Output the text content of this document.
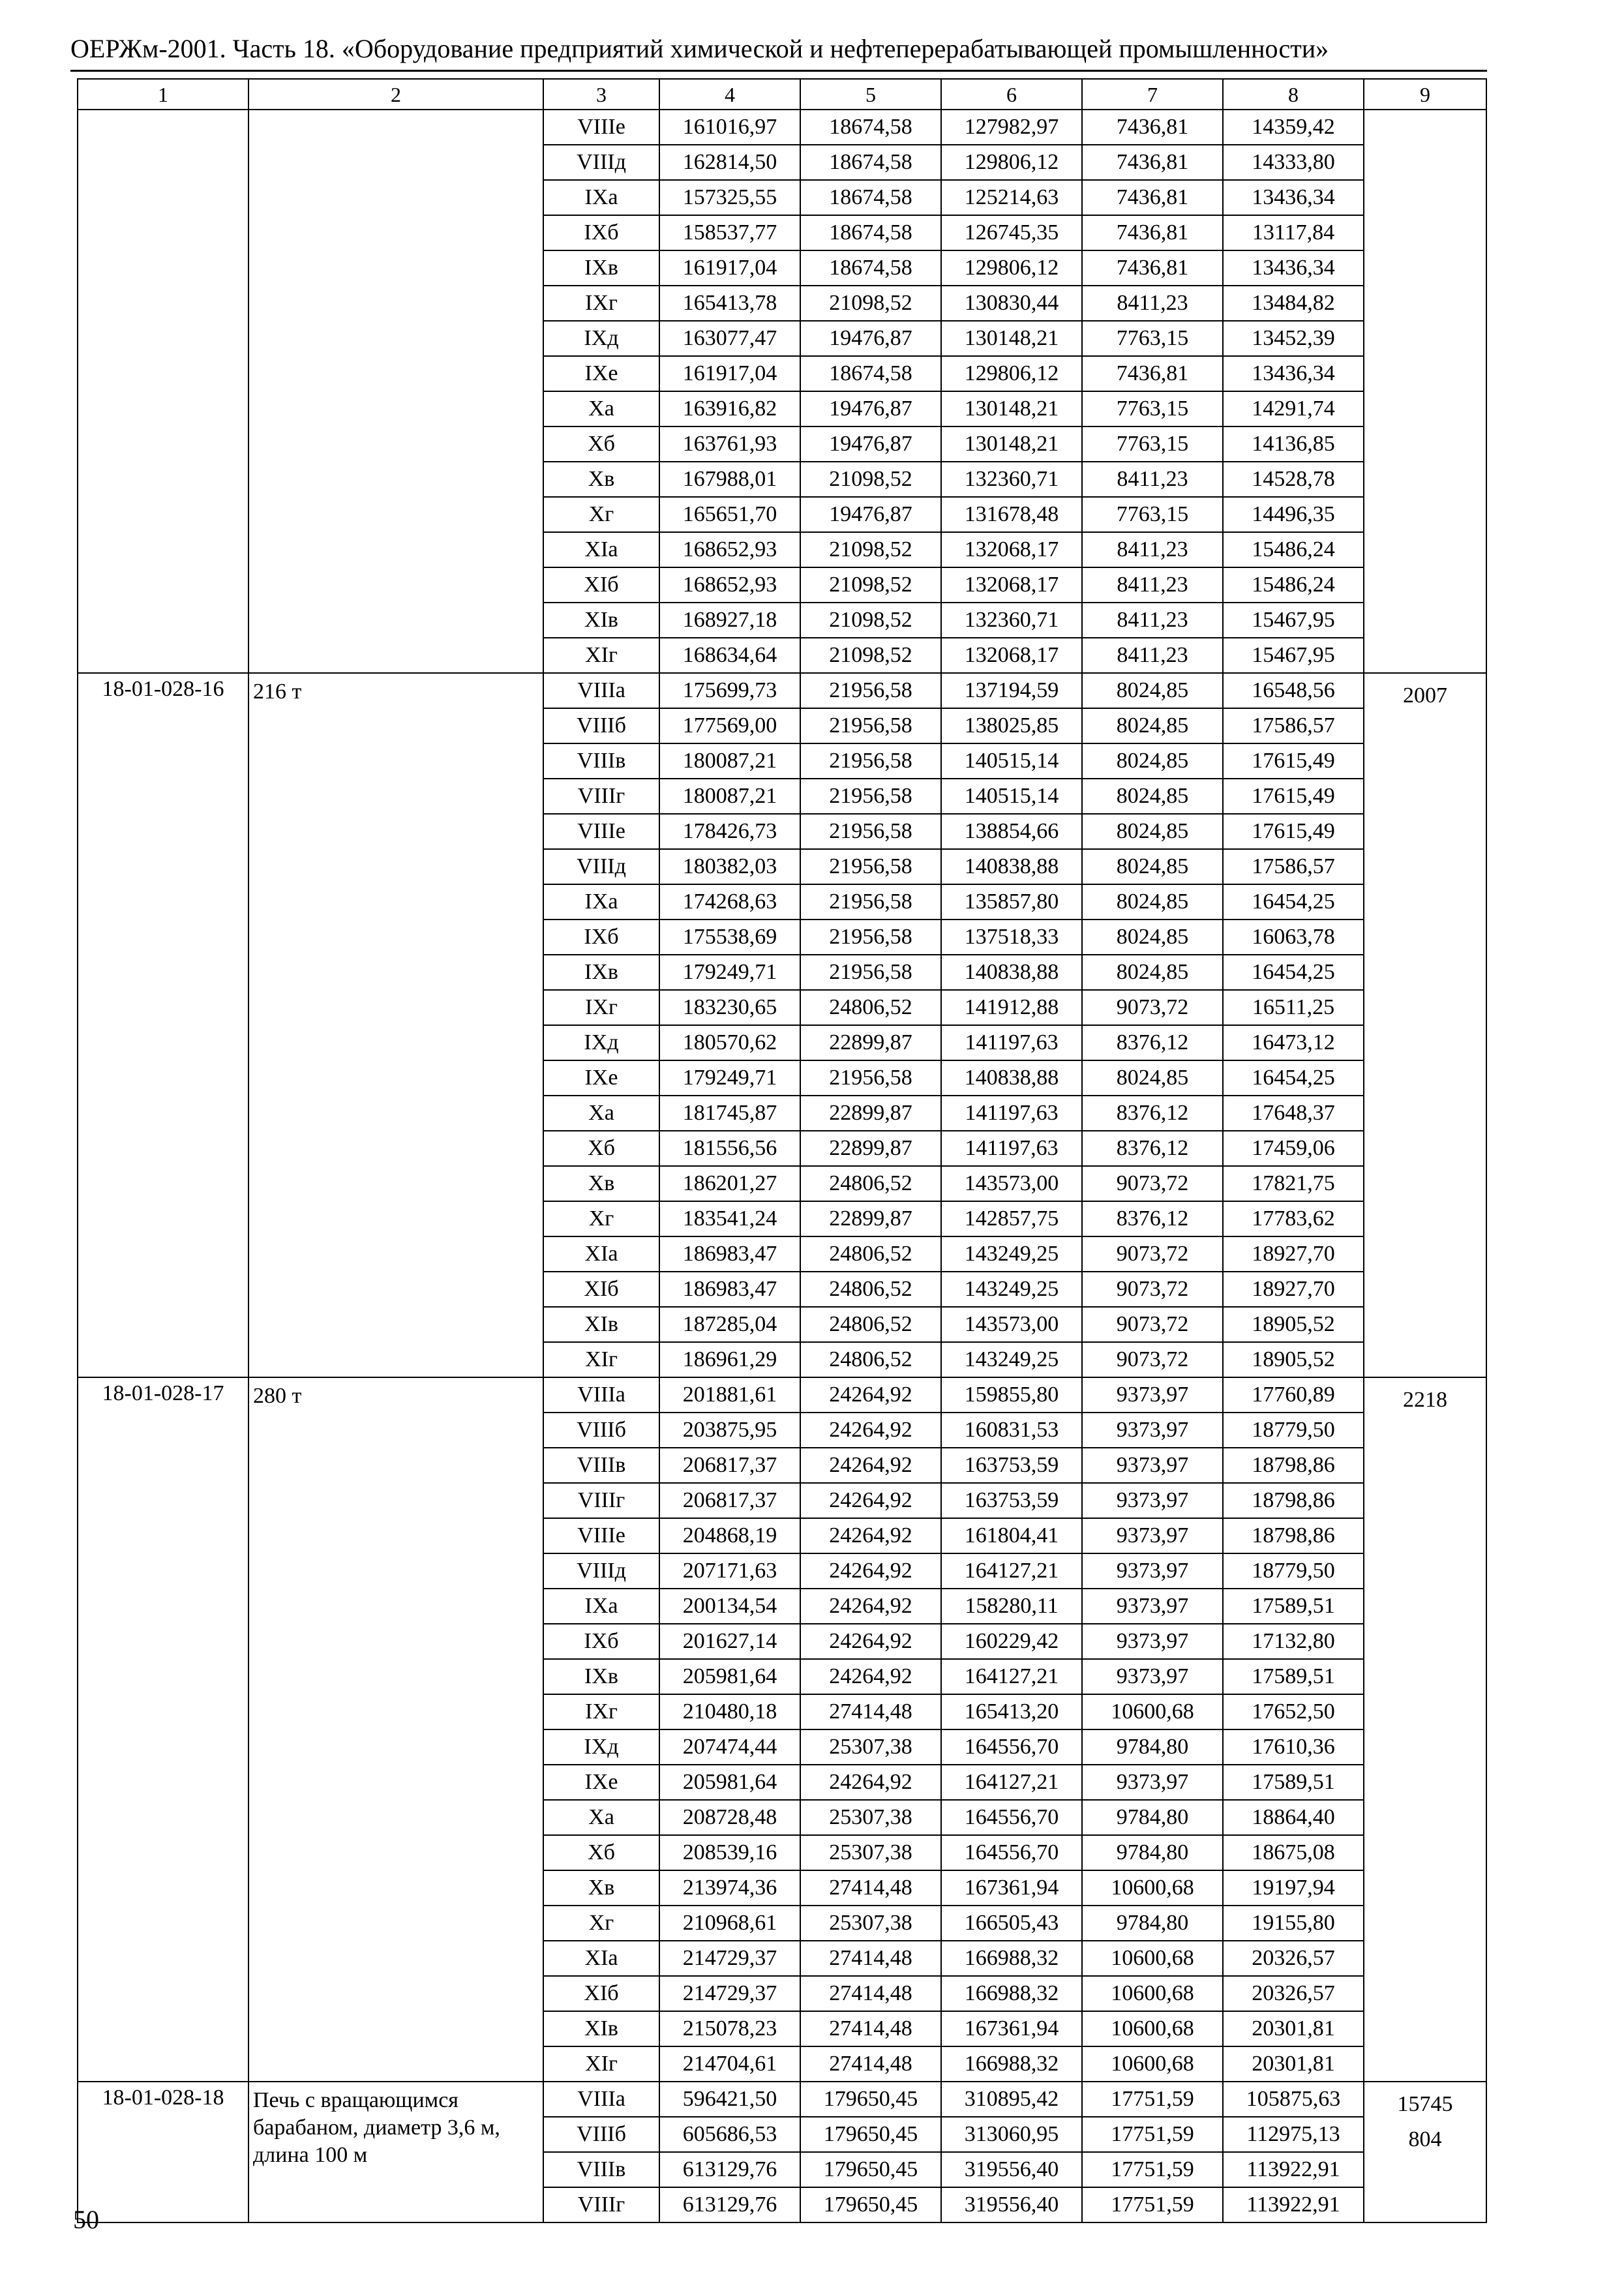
ОЕРЖм-2001. Часть 18. «Оборудование предприятий химической и нефтеперерабатывающей промышленности»
1	2	3	4	5	6	7	8	9
		VIIIе	161016,97	18674,58	127982,97	7436,81	14359,42	
		VIIIд	162814,50	18674,58	129806,12	7436,81	14333,80	
		IXа	157325,55	18674,58	125214,63	7436,81	13436,34	
		IXб	158537,77	18674,58	126745,35	7436,81	13117,84	
		IXв	161917,04	18674,58	129806,12	7436,81	13436,34	
		IXг	165413,78	21098,52	130830,44	8411,23	13484,82	
		IXд	163077,47	19476,87	130148,21	7763,15	13452,39	
		IXе	161917,04	18674,58	129806,12	7436,81	13436,34	
		Xа	163916,82	19476,87	130148,21	7763,15	14291,74	
		Xб	163761,93	19476,87	130148,21	7763,15	14136,85	
		Xв	167988,01	21098,52	132360,71	8411,23	14528,78	
		Xг	165651,70	19476,87	131678,48	7763,15	14496,35	
		XIа	168652,93	21098,52	132068,17	8411,23	15486,24	
		XIб	168652,93	21098,52	132068,17	8411,23	15486,24	
		XIв	168927,18	21098,52	132360,71	8411,23	15467,95	
		XIг	168634,64	21098,52	132068,17	8411,23	15467,95	
18-01-028-16	216 т	VIIIа	175699,73	21956,58	137194,59	8024,85	16548,56	2007

		VIIIб	177569,00	21956,58	138025,85	8024,85	17586,57	
		VIIIв	180087,21	21956,58	140515,14	8024,85	17615,49	
		VIIIг	180087,21	21956,58	140515,14	8024,85	17615,49	
		VIIIе	178426,73	21956,58	138854,66	8024,85	17615,49	
		VIIIд	180382,03	21956,58	140838,88	8024,85	17586,57	
		IXа	174268,63	21956,58	135857,80	8024,85	16454,25	
		IXб	175538,69	21956,58	137518,33	8024,85	16063,78	
		IXв	179249,71	21956,58	140838,88	8024,85	16454,25	
		IXг	183230,65	24806,52	141912,88	9073,72	16511,25	
		IXд	180570,62	22899,87	141197,63	8376,12	16473,12	
		IXе	179249,71	21956,58	140838,88	8024,85	16454,25	
		Xа	181745,87	22899,87	141197,63	8376,12	17648,37	
		Xб	181556,56	22899,87	141197,63	8376,12	17459,06	
		Xв	186201,27	24806,52	143573,00	9073,72	17821,75	
		Xг	183541,24	22899,87	142857,75	8376,12	17783,62	
		XIа	186983,47	24806,52	143249,25	9073,72	18927,70	
		XIб	186983,47	24806,52	143249,25	9073,72	18927,70	
		XIв	187285,04	24806,52	143573,00	9073,72	18905,52	
		XIг	186961,29	24806,52	143249,25	9073,72	18905,52	
18-01-028-17	280 т	VIIIа	201881,61	24264,92	159855,80	9373,97	17760,89	2218

		VIIIб	203875,95	24264,92	160831,53	9373,97	18779,50	
		VIIIв	206817,37	24264,92	163753,59	9373,97	18798,86	
		VIIIг	206817,37	24264,92	163753,59	9373,97	18798,86	
		VIIIе	204868,19	24264,92	161804,41	9373,97	18798,86	
		VIIIд	207171,63	24264,92	164127,21	9373,97	18779,50	
		IXа	200134,54	24264,92	158280,11	9373,97	17589,51	
		IXб	201627,14	24264,92	160229,42	9373,97	17132,80	
		IXв	205981,64	24264,92	164127,21	9373,97	17589,51	
		IXг	210480,18	27414,48	165413,20	10600,68	17652,50	
		IXд	207474,44	25307,38	164556,70	9784,80	17610,36	
		IXе	205981,64	24264,92	164127,21	9373,97	17589,51	
		Xа	208728,48	25307,38	164556,70	9784,80	18864,40	
		Xб	208539,16	25307,38	164556,70	9784,80	18675,08	
		Xв	213974,36	27414,48	167361,94	10600,68	19197,94	
		Xг	210968,61	25307,38	166505,43	9784,80	19155,80	
		XIа	214729,37	27414,48	166988,32	10600,68	20326,57	
		XIб	214729,37	27414,48	166988,32	10600,68	20326,57	
		XIв	215078,23	27414,48	167361,94	10600,68	20301,81	
		XIг	214704,61	27414,48	166988,32	10600,68	20301,81	
18-01-028-18	Печь с вращающимся барабаном, диаметр 3,6 м, длина 100 м	VIIIа	596421,50	179650,45	310895,42	17751,59	105875,63	15745
804

		VIIIб	605686,53	179650,45	313060,95	17751,59	112975,13	
		VIIIв	613129,76	179650,45	319556,40	17751,59	113922,91	
		VIIIг	613129,76	179650,45	319556,40	17751,59	113922,91	
50
